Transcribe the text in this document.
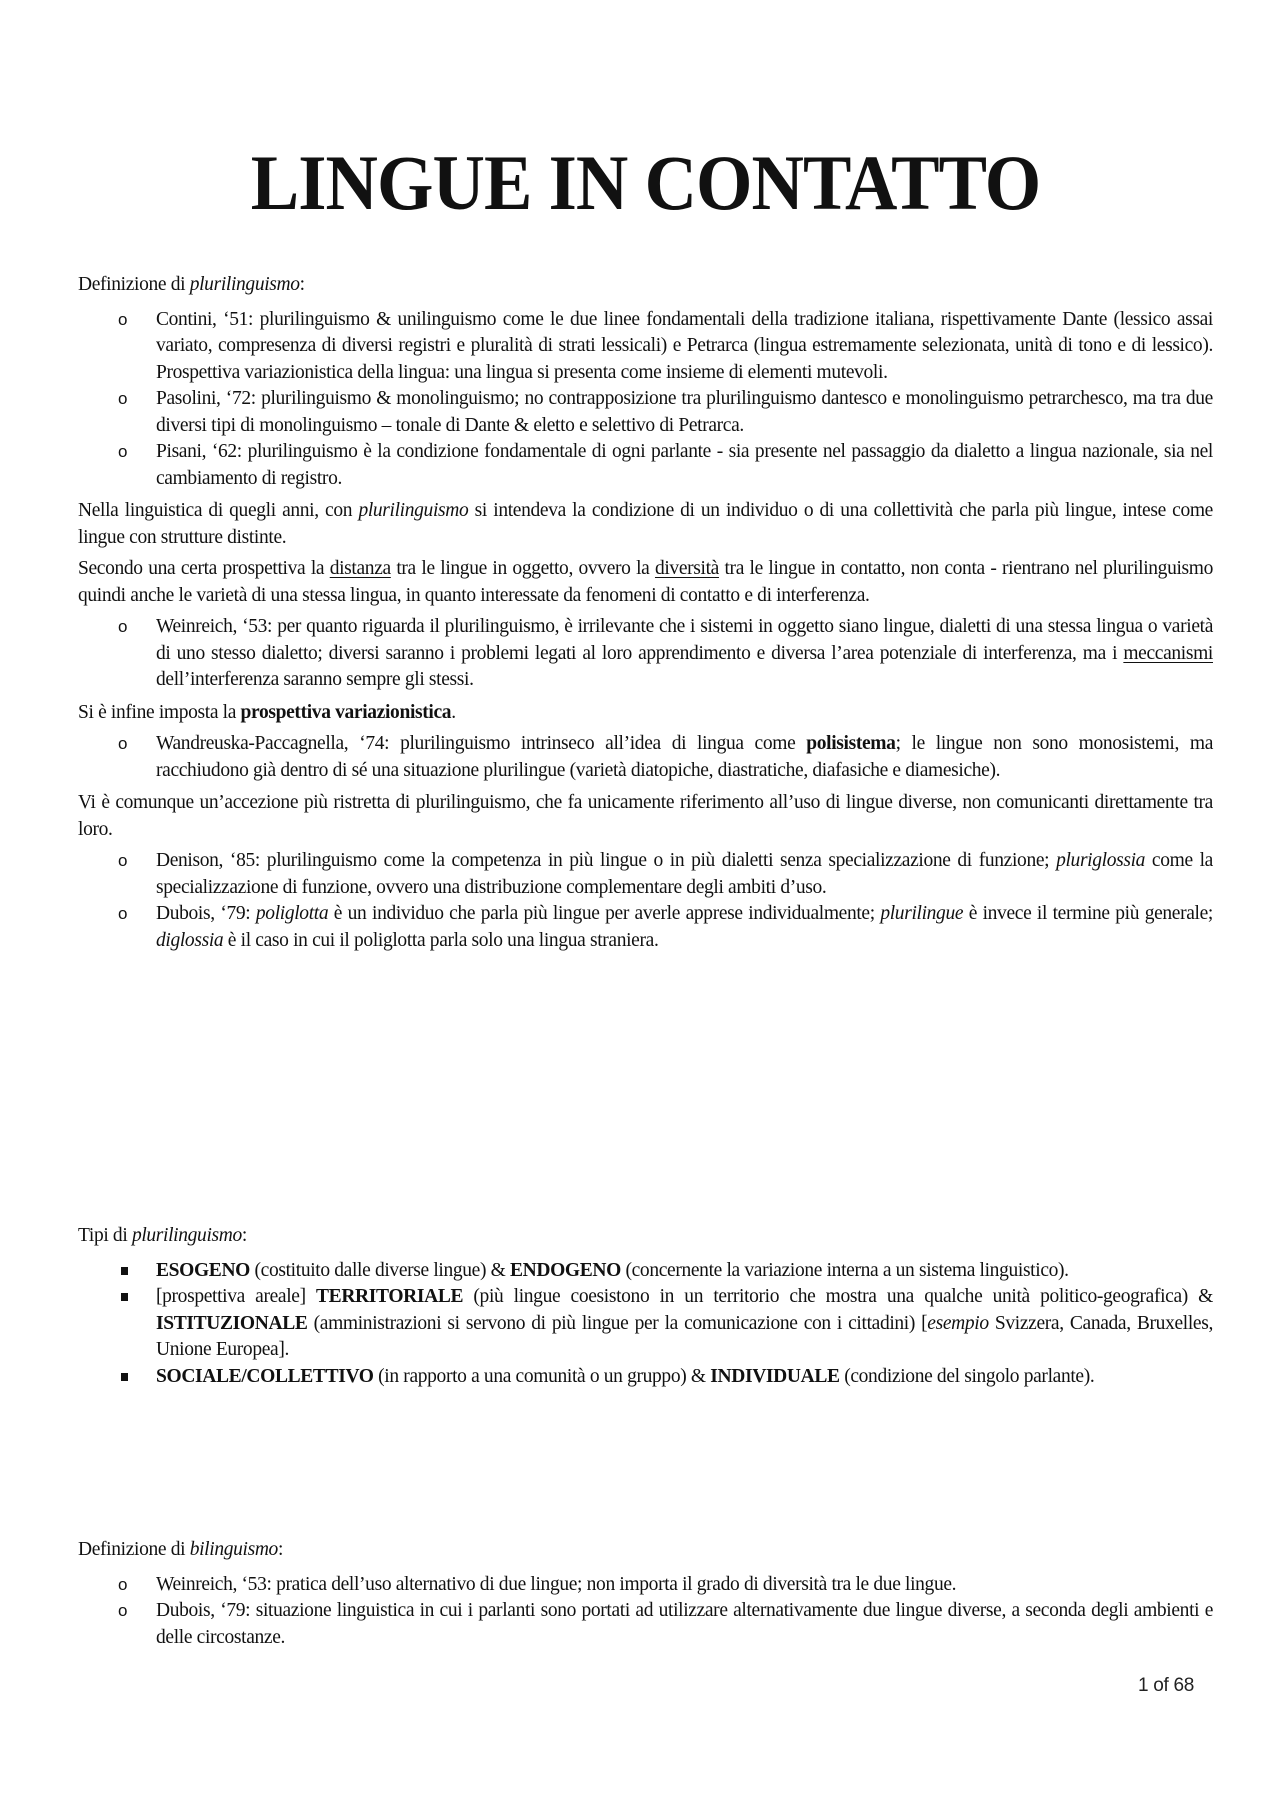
LINGUE IN CONTATTO

Definizione di plurilinguismo:

o Contini, ‘51: plurilinguismo & unilinguismo come le due linee fondamentali della tradizione italiana, rispettivamente Dante (lessico assai variato, compresenza di diversi registri e pluralità di strati lessicali) e Petrarca (lingua estremamente selezionata, unità di tono e di lessico). Prospettiva variazionistica della lingua: una lingua si presenta come insieme di elementi mutevoli.
o Pasolini, ‘72: plurilinguismo & monolinguismo; no contrapposizione tra plurilinguismo dantesco e monolinguismo petrarchesco, ma tra due diversi tipi di monolinguismo – tonale di Dante & eletto e selettivo di Petrarca.
o Pisani, ‘62: plurilinguismo è la condizione fondamentale di ogni parlante - sia presente nel passaggio da dialetto a lingua nazionale, sia nel cambiamento di registro.

Nella linguistica di quegli anni, con plurilinguismo si intendeva la condizione di un individuo o di una collettività che parla più lingue, intese come lingue con strutture distinte.

Secondo una certa prospettiva la distanza tra le lingue in oggetto, ovvero la diversità tra le lingue in contatto, non conta - rientrano nel plurilinguismo quindi anche le varietà di una stessa lingua, in quanto interessate da fenomeni di contatto e di interferenza.

o Weinreich, ‘53: per quanto riguarda il plurilinguismo, è irrilevante che i sistemi in oggetto siano lingue, dialetti di una stessa lingua o varietà di uno stesso dialetto; diversi saranno i problemi legati al loro apprendimento e diversa l’area potenziale di interferenza, ma i meccanismi dell’interferenza saranno sempre gli stessi.

Si è infine imposta la prospettiva variazionistica.

o Wandreuska-Paccagnella, ‘74: plurilinguismo intrinseco all’idea di lingua come polisistema; le lingue non sono monosistemi, ma racchiudono già dentro di sé una situazione plurilingue (varietà diatopiche, diastratiche, diafasiche e diamesiche).

Vi è comunque un’accezione più ristretta di plurilinguismo, che fa unicamente riferimento all’uso di lingue diverse, non comunicanti direttamente tra loro.

o Denison, ‘85: plurilinguismo come la competenza in più lingue o in più dialetti senza specializzazione di funzione; pluriglossia come la specializzazione di funzione, ovvero una distribuzione complementare degli ambiti d’uso.
o Dubois, ‘79: poliglotta è un individuo che parla più lingue per averle apprese individualmente; plurilingue è invece il termine più generale; diglossia è il caso in cui il poliglotta parla solo una lingua straniera.

Tipi di plurilinguismo:

ESOGENO (costituito dalle diverse lingue) & ENDOGENO (concernente la variazione interna a un sistema linguistico).
[prospettiva areale] TERRITORIALE (più lingue coesistono in un territorio che mostra una qualche unità politico-geografica) & ISTITUZIONALE (amministrazioni si servono di più lingue per la comunicazione con i cittadini) [esempio Svizzera, Canada, Bruxelles, Unione Europea].
SOCIALE/COLLETTIVO (in rapporto a una comunità o un gruppo) & INDIVIDUALE (condizione del singolo parlante).

Definizione di bilinguismo:

o Weinreich, ‘53: pratica dell’uso alternativo di due lingue; non importa il grado di diversità tra le due lingue.
o Dubois, ‘79: situazione linguistica in cui i parlanti sono portati ad utilizzare alternativamente due lingue diverse, a seconda degli ambienti e delle circostanze.
1 of 68
